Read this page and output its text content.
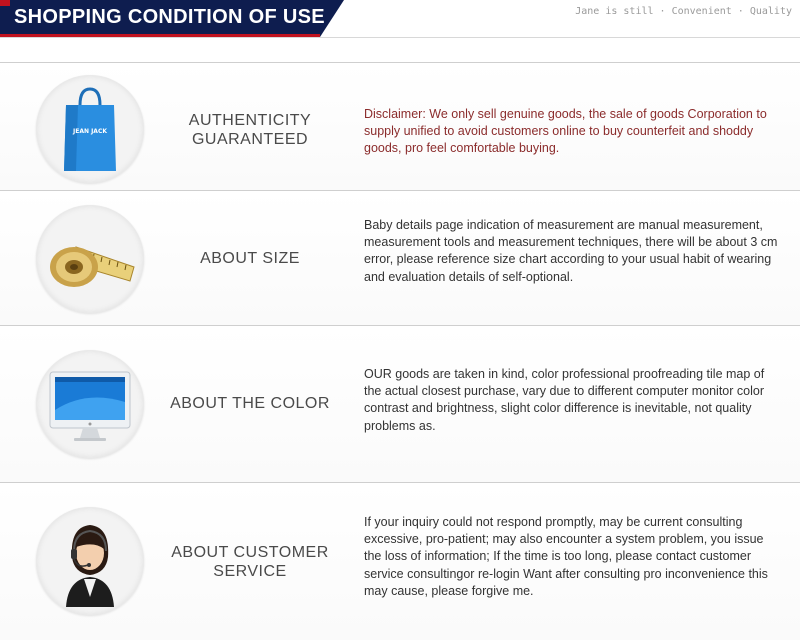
SHOPPING CONDITION OF USE	Jane is still · Convenient · Quality
JEAN JACK
AUTHENTICITY GUARANTEED
Disclaimer: We only sell genuine goods, the sale of goods Corporation to supply unified to avoid customers online to buy counterfeit and shoddy goods, pro feel comfortable buying.
ABOUT SIZE
Baby details page indication of measurement are manual measurement, measurement tools and measurement techniques, there will be about 3 cm error, please reference size chart according to your usual habit of wearing and evaluation details of self-optional.
ABOUT THE COLOR
OUR goods are taken in kind, color professional proofreading tile map of the actual closest purchase, vary due to different computer monitor color contrast and brightness, slight color difference is inevitable, not quality problems as.
ABOUT CUSTOMER SERVICE
If your inquiry could not respond promptly, may be current consulting excessive, pro-patient; may also encounter a system problem, you issue the loss of information; If the time is too long, please contact customer service consultingor re-login Want after consulting pro inconvenience this may cause, please forgive me.
